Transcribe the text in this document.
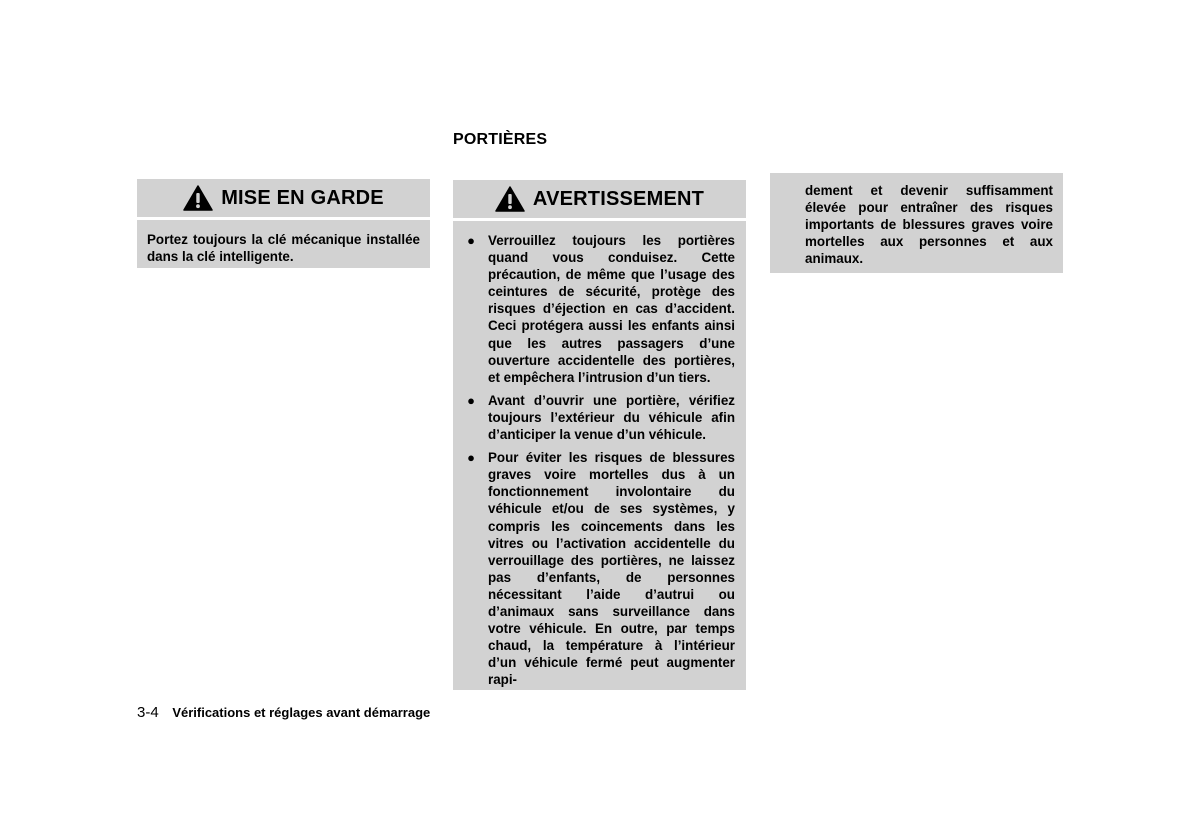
PORTIÈRES
MISE EN GARDE
Portez toujours la clé mécanique installée dans la clé intelligente.
AVERTISSEMENT
● Verrouillez toujours les portières quand vous conduisez. Cette précaution, de même que l’usage des ceintures de sécurité, protège des risques d’éjection en cas d’accident. Ceci protégera aussi les enfants ainsi que les autres passagers d’une ouverture accidentelle des portières, et empêchera l’intrusion d’un tiers.
● Avant d’ouvrir une portière, vérifiez toujours l’extérieur du véhicule afin d’anticiper la venue d’un véhicule.
● Pour éviter les risques de blessures graves voire mortelles dus à un fonctionnement involontaire du véhicule et/ou de ses systèmes, y compris les coincements dans les vitres ou l’activation accidentelle du verrouillage des portières, ne laissez pas d’enfants, de personnes nécessitant l’aide d’autrui ou d’animaux sans surveillance dans votre véhicule. En outre, par temps chaud, la température à l’intérieur d’un véhicule fermé peut augmenter rapi-
dement et devenir suffisamment élevée pour entraîner des risques importants de blessures graves voire mortelles aux personnes et aux animaux.
3-4 Vérifications et réglages avant démarrage
